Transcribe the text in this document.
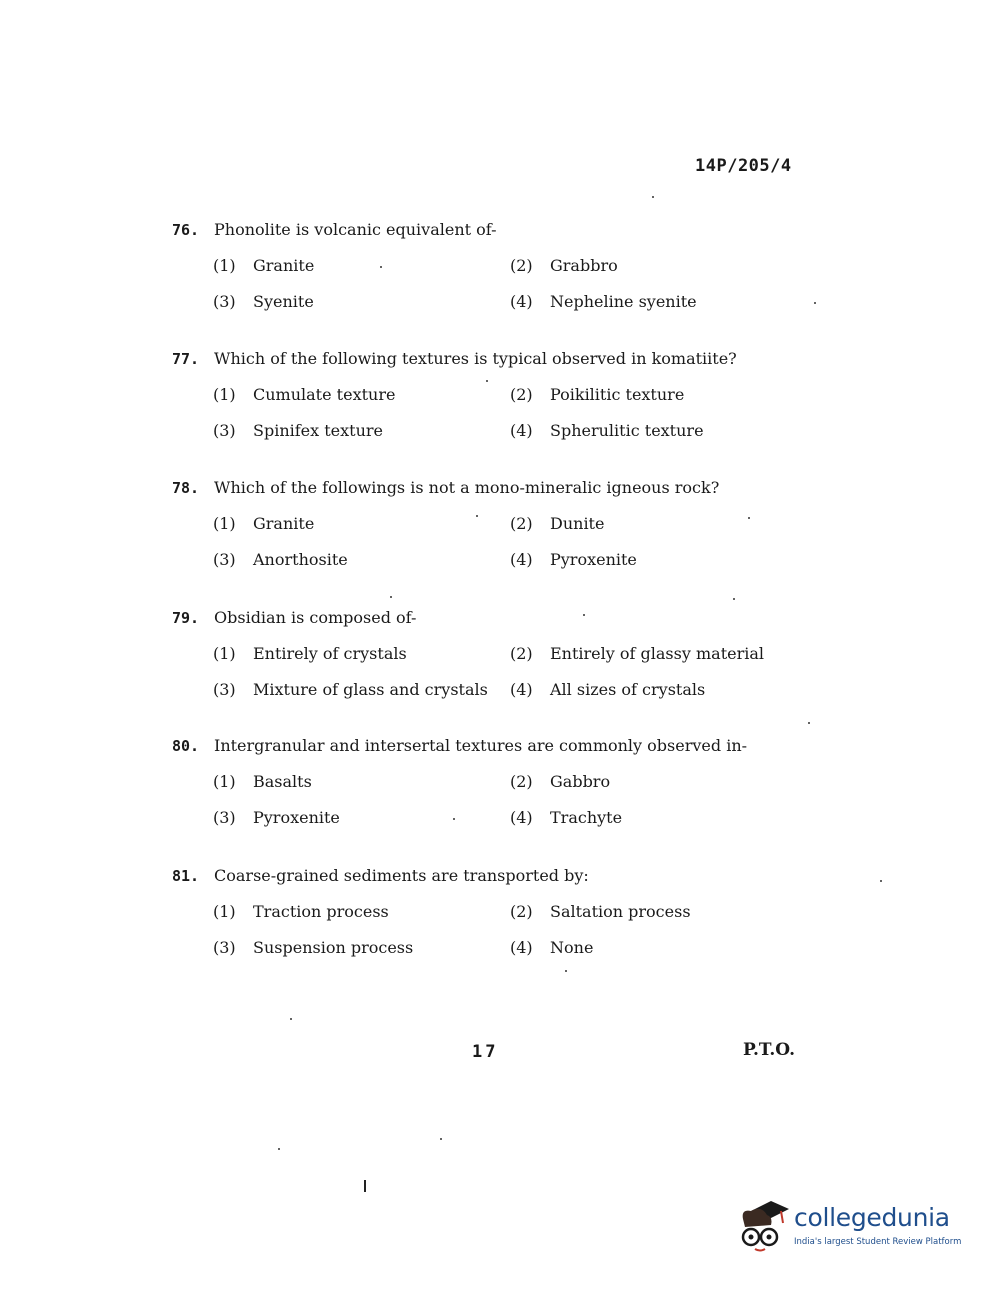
14P/205/4
76. Phonolite is volcanic equivalent of-
(1) Granite	(2) Grabbro
(3) Syenite	(4) Nepheline syenite
77. Which of the following textures is typical observed in komatiite?
(1) Cumulate texture	(2) Poikilitic texture
(3) Spinifex texture	(4) Spherulitic texture
78. Which of the followings is not a mono-mineralic igneous rock?
(1) Granite	(2) Dunite
(3) Anorthosite	(4) Pyroxenite
79. Obsidian is composed of-
(1) Entirely of crystals	(2) Entirely of glassy material
(3) Mixture of glass and crystals (4) All sizes of crystals
80. Intergranular and intersertal textures are commonly observed in-
(1) Basalts	(2) Gabbro
(3) Pyroxenite	(4) Trachyte
81. Coarse-grained sediments are transported by:
(1) Traction process	(2) Saltation process
(3) Suspension process	(4) None
17	P.T.O.
collegedunia
India's largest Student Review Platform
